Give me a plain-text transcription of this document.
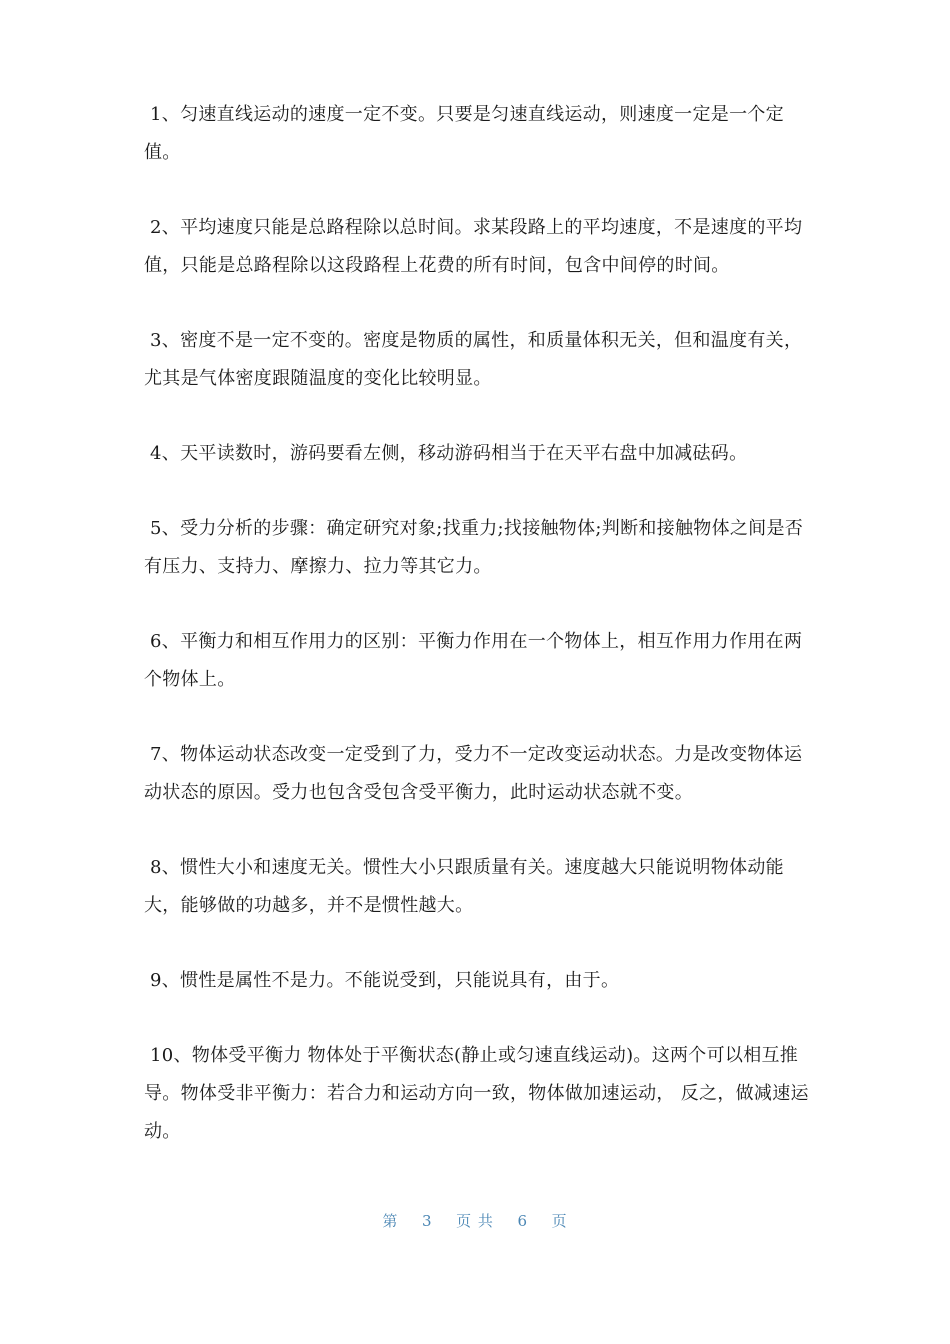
1、匀速直线运动的速度一定不变。只要是匀速直线运动，则速度一定是一个定值。

2、平均速度只能是总路程除以总时间。求某段路上的平均速度，不是速度的平均值，只能是总路程除以这段路程上花费的所有时间，包含中间停的时间。

3、密度不是一定不变的。密度是物质的属性，和质量体积无关，但和温度有关，尤其是气体密度跟随温度的变化比较明显。

4、天平读数时，游码要看左侧，移动游码相当于在天平右盘中加减砝码。

5、受力分析的步骤：确定研究对象;找重力;找接触物体;判断和接触物体之间是否有压力、支持力、摩擦力、拉力等其它力。

6、平衡力和相互作用力的区别：平衡力作用在一个物体上，相互作用力作用在两个物体上。

7、物体运动状态改变一定受到了力，受力不一定改变运动状态。力是改变物体运动状态的原因。受力也包含受包含受平衡力，此时运动状态就不变。

8、惯性大小和速度无关。惯性大小只跟质量有关。速度越大只能说明物体动能大，能够做的功越多，并不是惯性越大。

9、惯性是属性不是力。不能说受到，只能说具有，由于。

10、物体受平衡力 物体处于平衡状态(静止或匀速直线运动)。这两个可以相互推导。物体受非平衡力：若合力和运动方向一致，物体做加速运动， 反之，做减速运动。

第 3 页 共 6 页
